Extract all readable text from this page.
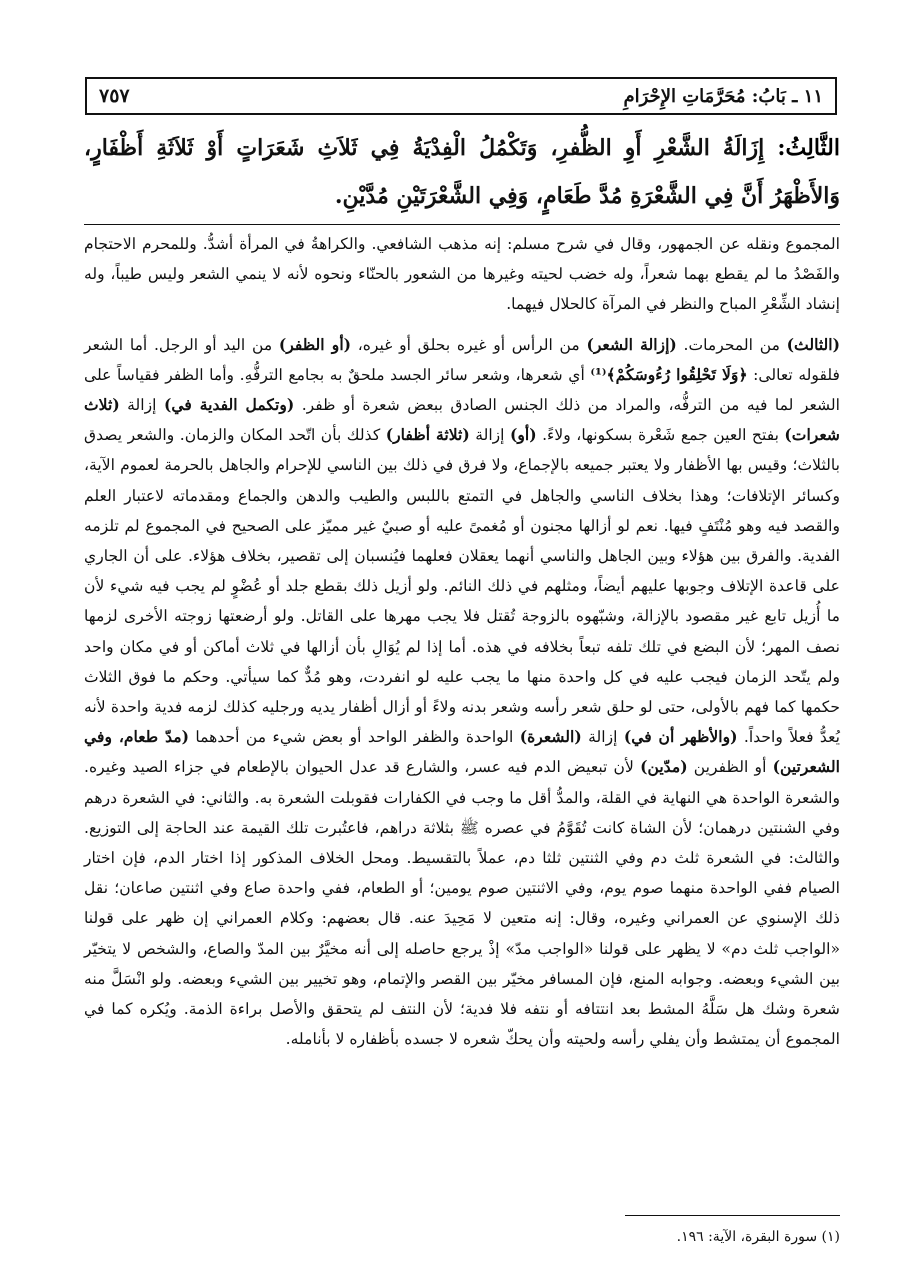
١١ ـ بَابُ: مُحَرَّمَاتِ الإِحْرَامِ
٧٥٧
الثَّالِثُ: إِزَالَةُ الشَّعْرِ أَوِ الظُّفرِ، وَتَكْمُلُ الْفِدْيَةُ فِي ثَلاَثِ شَعَرَاتٍ أَوْ ثَلاَثَةِ أَظْفَارٍ، وَالأَظْهَرُ أَنَّ فِي الشَّعْرَةِ مُدَّ طَعَامٍ، وَفِي الشَّعْرَتَيْنِ مُدَّيْنِ.

المجموع ونقله عن الجمهور، وقال في شرح مسلم: إنه مذهب الشافعي. والكراهةُ في المرأة أشدُّ. وللمحرم الاحتجام والفَصْدُ ما لم يقطع بهما شعراً، وله خضب لحيته وغيرها من الشعور بالحنّاء ونحوه لأنه لا ينمي الشعر وليس طيباً، وله إنشاد الشِّعْرِ المباح والنظر في المرآة كالحلال فيهما.

(الثالث) من المحرمات. (إزالة الشعر) من الرأس أو غيره بحلق أو غيره، (أو الظفر) من اليد أو الرجل. أما الشعر فلقوله تعالى: ﴿وَلَا تَحْلِقُوا رُءُوسَكُمْ﴾⁽¹⁾ أي شعرها، وشعر سائر الجسد ملحقٌ به بجامع الترفُّهِ. وأما الظفر فقياساً على الشعر لما فيه من الترفُّه، والمراد من ذلك الجنس الصادق ببعض شعرة أو ظفر. (وتكمل الفدية في) إزالة (ثلاث شعرات) بفتح العين جمع شَعْرة بسكونها، ولاءً. (أو) إزالة (ثلاثة أظفار) كذلك بأن اتّحد المكان والزمان. والشعر يصدق بالثلاث؛ وقيس بها الأظفار ولا يعتبر جميعه بالإجماع، ولا فرق في ذلك بين الناسي للإحرام والجاهل بالحرمة لعموم الآية، وكسائر الإتلافات؛ وهذا بخلاف الناسي والجاهل في التمتع باللبس والطيب والدهن والجماع ومقدماته لاعتبار العلم والقصد فيه وهو مُنْتَفٍ فيها. نعم لو أزالها مجنون أو مُغمىً عليه أو صبيٌ غير مميّز على الصحيح في المجموع لم تلزمه الفدية. والفرق بين هؤلاء وبين الجاهل والناسي أنهما يعقلان فعلهما فيُنسبان إلى تقصير، بخلاف هؤلاء. على أن الجاري على قاعدة الإتلاف وجوبها عليهم أيضاً، ومثلهم في ذلك النائم. ولو أزيل ذلك بقطع جلد أو عُضْوٍ لم يجب فيه شيء لأن ما أُزيل تابع غير مقصود بالإزالة، وشبّهوه بالزوجة تُقتل فلا يجب مهرها على القاتل. ولو أرضعتها زوجته الأخرى لزمها نصف المهر؛ لأن البضع في تلك تلفه تبعاً بخلافه في هذه. أما إذا لم يُوَالِ بأن أزالها في ثلاث أماكن أو في مكان واحد ولم يتّحد الزمان فيجب عليه في كل واحدة منها ما يجب عليه لو انفردت، وهو مُدٌّ كما سيأتي. وحكم ما فوق الثلاث حكمها كما فهم بالأولى، حتى لو حلق شعر رأسه وشعر بدنه ولاءً أو أزال أظفار يديه ورجليه كذلك لزمه فدية واحدة لأنه يُعدُّ فعلاً واحداً. (والأظهر أن في) إزالة (الشعرة) الواحدة والظفر الواحد أو بعض شيء من أحدهما (مدّ طعام، وفي الشعرتين) أو الظفرين (مدّين) لأن تبعيض الدم فيه عسر، والشارع قد عدل الحيوان بالإطعام في جزاء الصيد وغيره. والشعرة الواحدة هي النهاية في القلة، والمدُّ أقل ما وجب في الكفارات فقوبلت الشعرة به. والثاني: في الشعرة درهم وفي الشنتين درهمان؛ لأن الشاة كانت تُقَوَّمُ في عصره ﷺ بثلاثة دراهم، فاعتُبرت تلك القيمة عند الحاجة إلى التوزيع. والثالث: في الشعرة ثلث دم وفي الثنتين ثلثا دم، عملاً بالتقسيط. ومحل الخلاف المذكور إذا اختار الدم، فإن اختار الصيام ففي الواحدة منهما صوم يوم، وفي الاثنتين صوم يومين؛ أو الطعام، ففي واحدة صاع وفي اثنتين صاعان؛ نقل ذلك الإسنوي عن العمراني وغيره، وقال: إنه متعين لا مَحِيدَ عنه. قال بعضهم: وكلام العمراني إن ظهر على قولنا «الواجب ثلث دم» لا يظهر على قولنا «الواجب مدّ» إذْ يرجع حاصله إلى أنه مخيَّرٌ بين المدّ والصاع، والشخص لا يتخيّر بين الشيء وبعضه. وجوابه المنع، فإن المسافر مخيّر بين القصر والإتمام، وهو تخيير بين الشيء وبعضه. ولو انْسَلَّ منه شعرة وشك هل سَلَّهُ المشط بعد انتتافه أو نتفه فلا فدية؛ لأن النتف لم يتحقق والأصل براءة الذمة. ويُكره كما في المجموع أن يمتشط وأن يفلي رأسه ولحيته وأن يحكّ شعره لا جسده بأظفاره لا بأنامله.

(١) سورة البقرة، الآية: ١٩٦.
